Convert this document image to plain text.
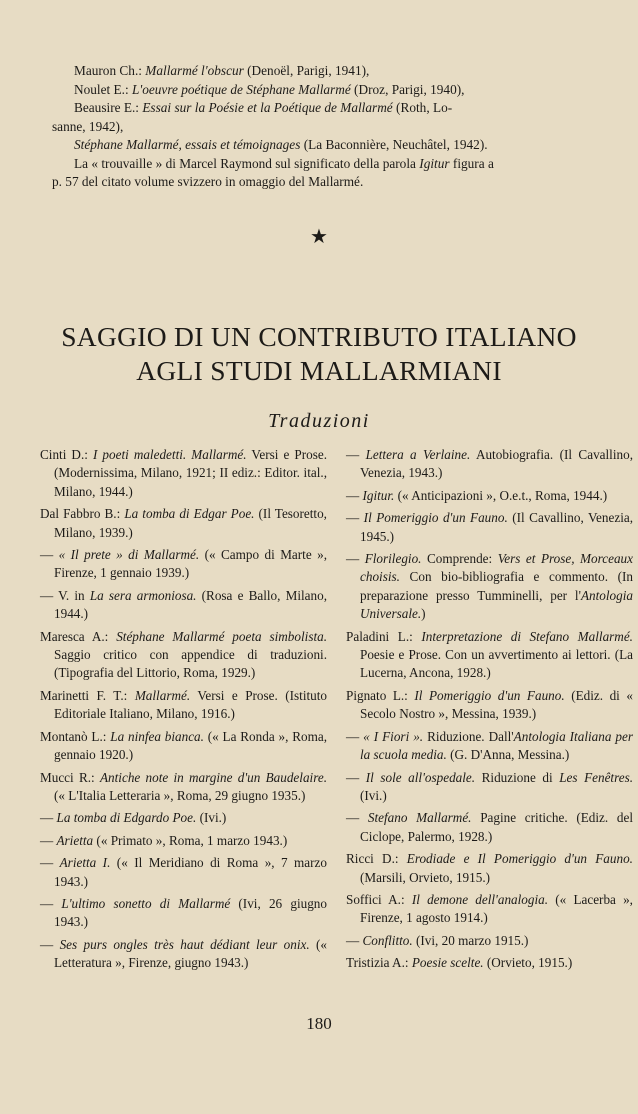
Mauron Ch.: Mallarmé l'obscur (Denoël, Parigi, 1941),
Noulet E.: L'oeuvre poétique de Stéphane Mallarmé (Droz, Parigi, 1940),
Beausire E.: Essai sur la Poésie et la Poétique de Mallarmé (Roth, Lo-
sanne, 1942),
Stéphane Mallarmé, essais et témoignages (La Baconnière, Neuchâtel, 1942).
La « trouvaille » di Marcel Raymond sul significato della parola Igitur figura a
p. 57 del citato volume svizzero in omaggio del Mallarmé.
★
SAGGIO DI UN CONTRIBUTO ITALIANO
AGLI STUDI MALLARMIANI
Traduzioni
Cinti D.: I poeti maledetti. Mallarmé. Versi e Prose. (Modernissima, Milano, 1921; II ediz.: Editor. ital., Milano, 1944.)
Dal Fabbro B.: La tomba di Edgar Poe. (Il Tesoretto, Milano, 1939.)
— « Il prete » di Mallarmé. (« Campo di Marte », Firenze, 1 gennaio 1939.)
— V. in La sera armoniosa. (Rosa e Ballo, Milano, 1944.)
Maresca A.: Stéphane Mallarmé poeta simbolista. Saggio critico con appendice di traduzioni. (Tipografia del Littorio, Roma, 1929.)
Marinetti F. T.: Mallarmé. Versi e Prose. (Istituto Editoriale Italiano, Milano, 1916.)
Montanò L.: La ninfea bianca. (« La Ronda », Roma, gennaio 1920.)
Mucci R.: Antiche note in margine d'un Baudelaire. (« L'Italia Letteraria », Roma, 29 giugno 1935.)
— La tomba di Edgardo Poe. (Ivi.)
— Arietta (« Primato », Roma, 1 marzo 1943.)
— Arietta I. (« Il Meridiano di Roma », 7 marzo 1943.)
— L'ultimo sonetto di Mallarmé (Ivi, 26 giugno 1943.)
— Ses purs ongles très haut dédiant leur onix. (« Letteratura », Firenze, giugno 1943.)
— Lettera a Verlaine. Autobiografia. (Il Cavallino, Venezia, 1943.)
— Igitur. (« Anticipazioni », O.e.t., Roma, 1944.)
— Il Pomeriggio d'un Fauno. (Il Cavallino, Venezia, 1945.)
— Florilegio. Comprende: Vers et Prose, Morceaux choisis. Con bio-bibliografia e commento. (In preparazione presso Tumminelli, per l'Antologia Universale.)
Paladini L.: Interpretazione di Stefano Mallarmé. Poesie e Prose. Con un avvertimento ai lettori. (La Lucerna, Ancona, 1928.)
Pignato L.: Il Pomeriggio d'un Fauno. (Ediz. di « Secolo Nostro », Messina, 1939.)
— « I Fiori ». Riduzione. Dall'Antologia Italiana per la scuola media. (G. D'Anna, Messina.)
— Il sole all'ospedale. Riduzione di Les Fenêtres. (Ivi.)
— Stefano Mallarmé. Pagine critiche. (Ediz. del Ciclope, Palermo, 1928.)
Ricci D.: Erodiade e Il Pomeriggio d'un Fauno. (Marsili, Orvieto, 1915.)
Soffici A.: Il demone dell'analogia. (« Lacerba », Firenze, 1 agosto 1914.)
— Conflitto. (Ivi, 20 marzo 1915.)
Tristizia A.: Poesie scelte. (Orvieto, 1915.)
180
